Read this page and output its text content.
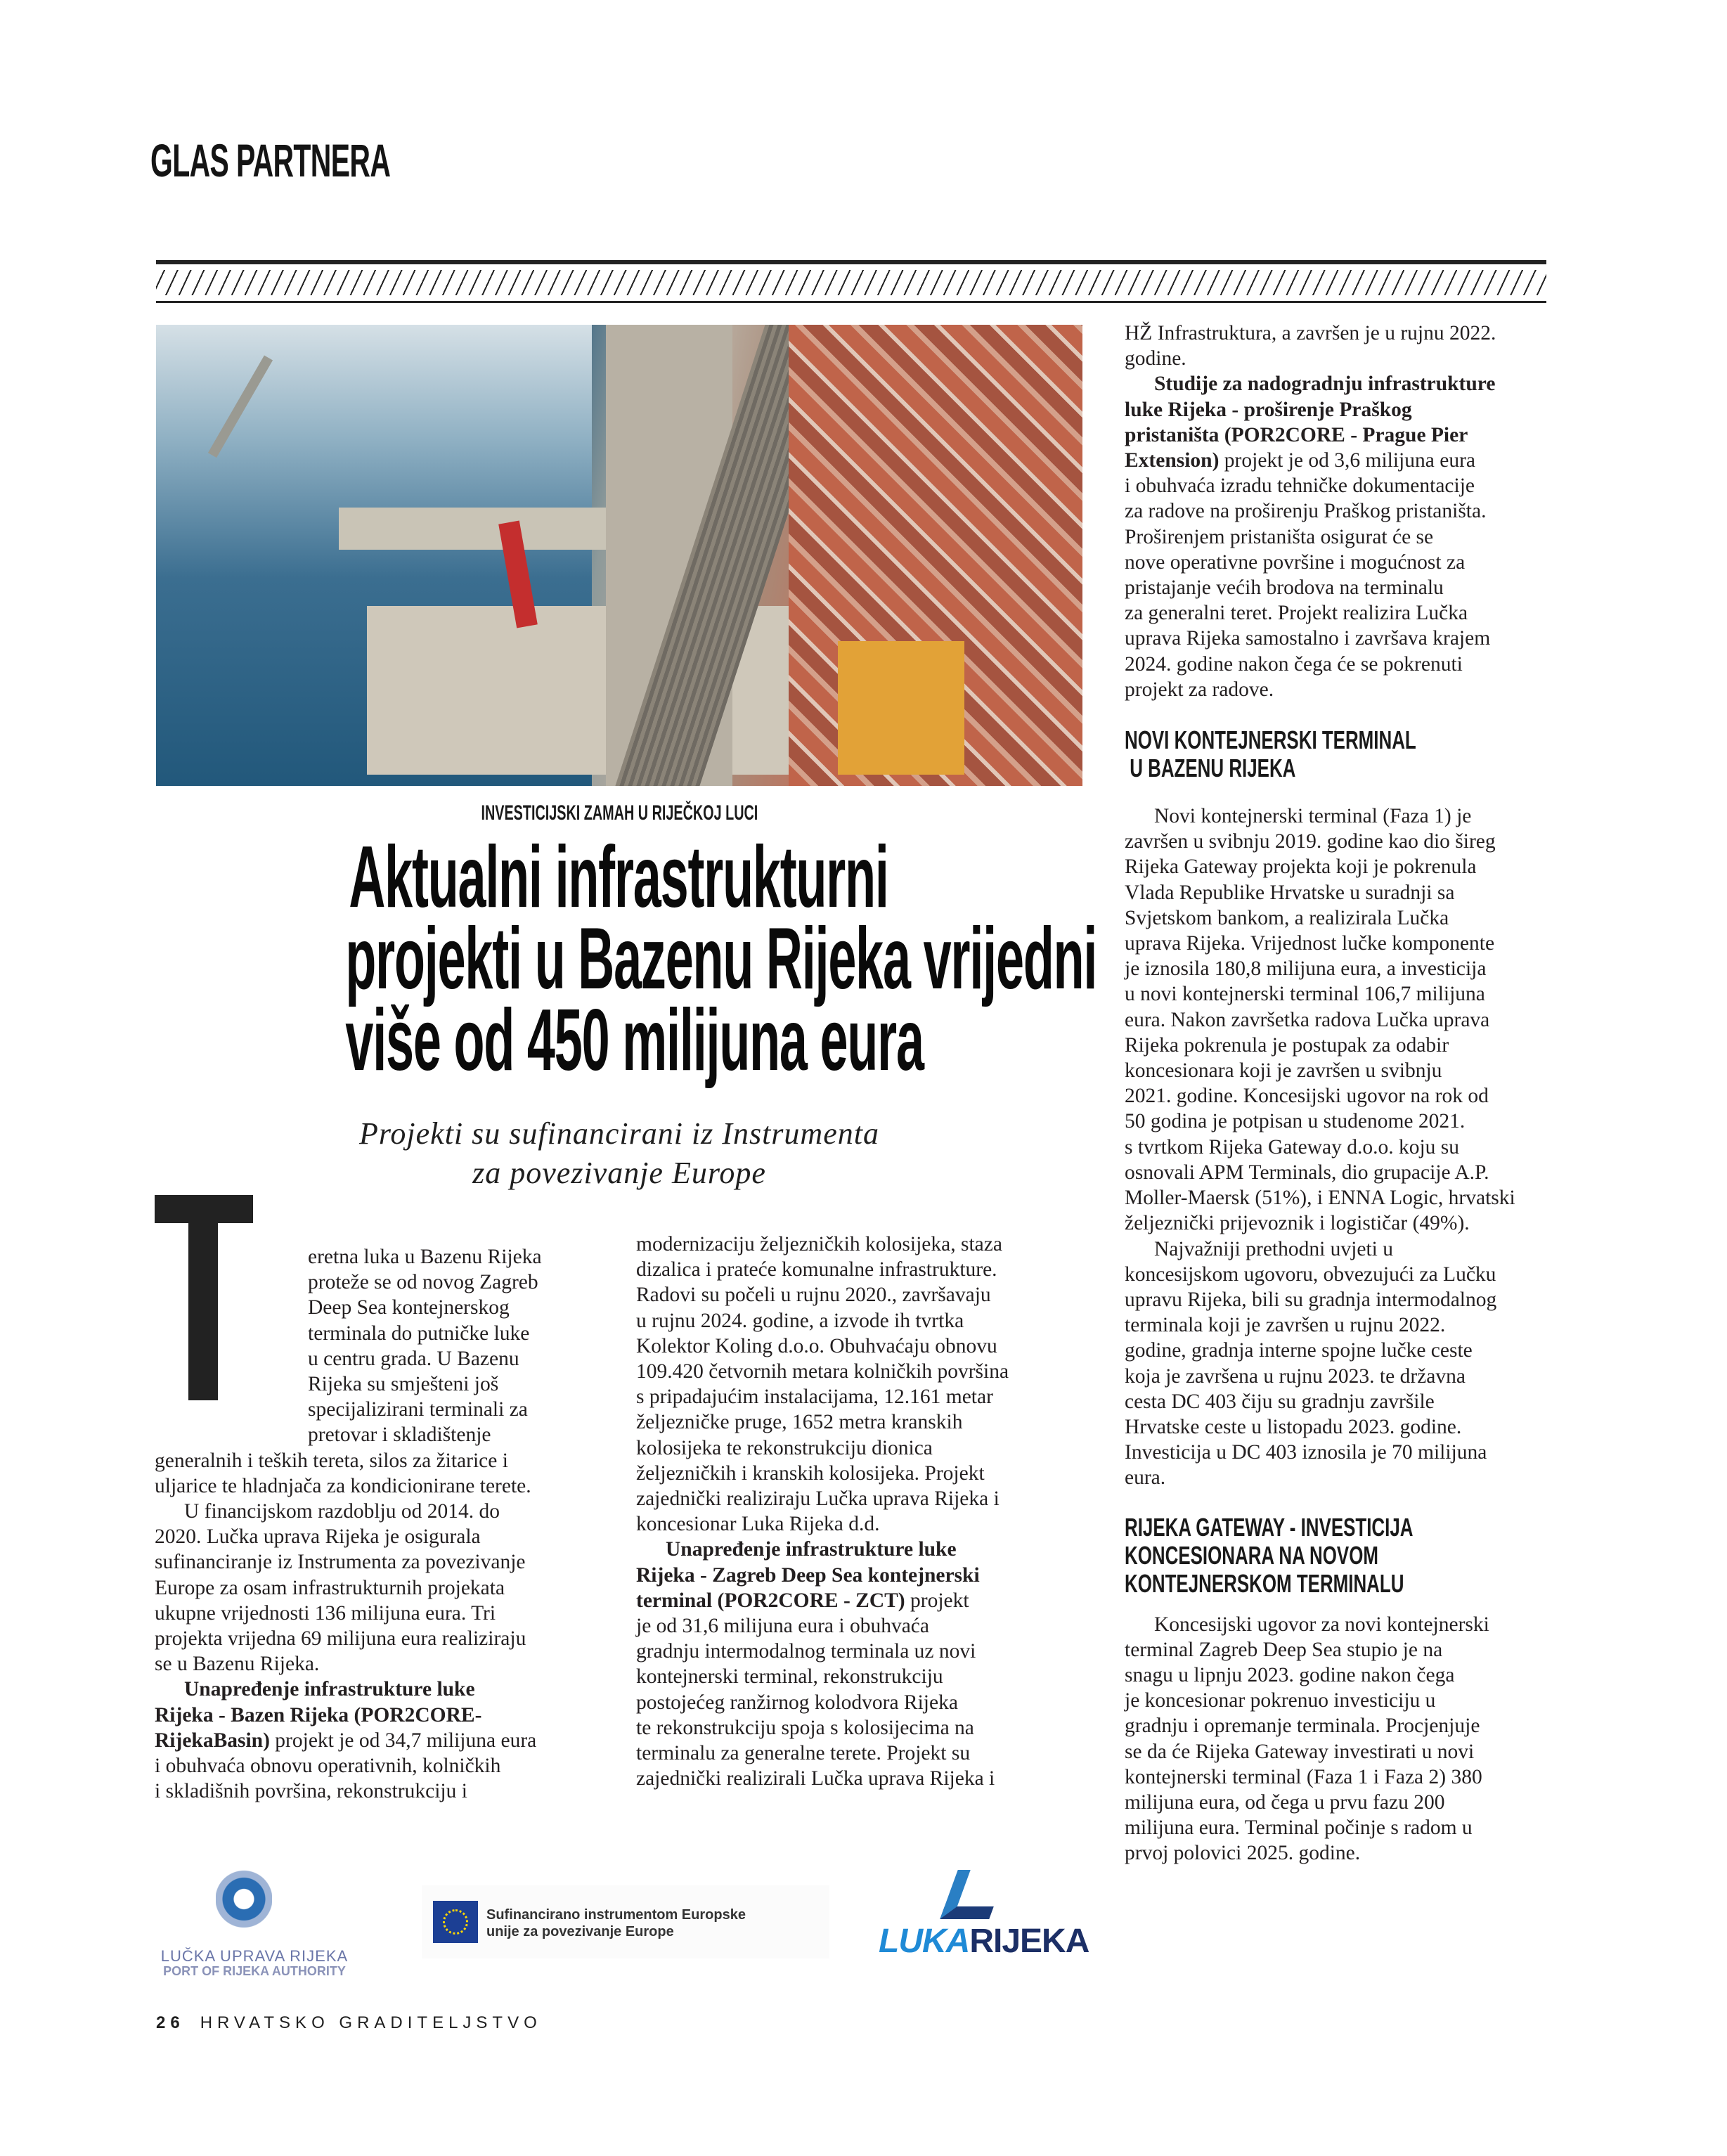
GLAS PARTNERA
INVESTICIJSKI ZAMAH U RIJEČKOJ LUCI
Aktualni infrastrukturni
projekti u Bazenu Rijeka vrijedni
više od 450 milijuna eura
Projekti su sufinancirani iz Instrumenta
za povezivanje Europe
eretna luka u Bazenu Rijeka
proteže se od novog Zagreb
Deep Sea kontejnerskog
terminala do putničke luke
u centru grada. U Bazenu
Rijeka su smješteni još
specijalizirani terminali za
pretovar i skladištenje
generalnih i teških tereta, silos za žitarice i
uljarice te hladnjača za kondicionirane terete.
U financijskom razdoblju od 2014. do
2020. Lučka uprava Rijeka je osigurala
sufinanciranje iz Instrumenta za povezivanje
Europe za osam infrastrukturnih projekata
ukupne vrijednosti 136 milijuna eura. Tri
projekta vrijedna 69 milijuna eura realiziraju
se u Bazenu Rijeka.
Unapređenje infrastrukture luke
Rijeka - Bazen Rijeka (POR2CORE-
RijekaBasin) projekt je od 34,7 milijuna eura
i obuhvaća obnovu operativnih, kolničkih
i skladišnih površina, rekonstrukciju i
modernizaciju željezničkih kolosijeka, staza
dizalica i prateće komunalne infrastrukture.
Radovi su počeli u rujnu 2020., završavaju
u rujnu 2024. godine, a izvode ih tvrtka
Kolektor Koling d.o.o. Obuhvaćaju obnovu
109.420 četvornih metara kolničkih površina
s pripadajućim instalacijama, 12.161 metar
željezničke pruge, 1652 metra kranskih
kolosijeka te rekonstrukciju dionica
željezničkih i kranskih kolosijeka. Projekt
zajednički realiziraju Lučka uprava Rijeka i
koncesionar Luka Rijeka d.d.
Unapređenje infrastrukture luke
Rijeka - Zagreb Deep Sea kontejnerski
terminal (POR2CORE - ZCT) projekt
je od 31,6 milijuna eura i obuhvaća
gradnju intermodalnog terminala uz novi
kontejnerski terminal, rekonstrukciju
postojećeg ranžirnog kolodvora Rijeka
te rekonstrukciju spoja s kolosijecima na
terminalu za generalne terete. Projekt su
zajednički realizirali Lučka uprava Rijeka i
HŽ Infrastruktura, a završen je u rujnu 2022.
godine.
Studije za nadogradnju infrastrukture
luke Rijeka - proširenje Praškog
pristaništa (POR2CORE - Prague Pier
Extension) projekt je od 3,6 milijuna eura
i obuhvaća izradu tehničke dokumentacije
za radove na proširenju Praškog pristaništa.
Proširenjem pristaništa osigurat će se
nove operativne površine i mogućnost za
pristajanje većih brodova na terminalu
za generalni teret. Projekt realizira Lučka
uprava Rijeka samostalno i završava krajem
2024. godine nakon čega će se pokrenuti
projekt za radove.
NOVI KONTEJNERSKI TERMINAL
U BAZENU RIJEKA
Novi kontejnerski terminal (Faza 1) je
završen u svibnju 2019. godine kao dio šireg
Rijeka Gateway projekta koji je pokrenula
Vlada Republike Hrvatske u suradnji sa
Svjetskom bankom, a realizirala Lučka
uprava Rijeka. Vrijednost lučke komponente
je iznosila 180,8 milijuna eura, a investicija
u novi kontejnerski terminal 106,7 milijuna
eura. Nakon završetka radova Lučka uprava
Rijeka pokrenula je postupak za odabir
koncesionara koji je završen u svibnju
2021. godine. Koncesijski ugovor na rok od
50 godina je potpisan u studenome 2021.
s tvrtkom Rijeka Gateway d.o.o. koju su
osnovali APM Terminals, dio grupacije A.P.
Moller-Maersk (51%), i ENNA Logic, hrvatski
željeznički prijevoznik i logističar (49%).
Najvažniji prethodni uvjeti u
koncesijskom ugovoru, obvezujući za Lučku
upravu Rijeka, bili su gradnja intermodalnog
terminala koji je završen u rujnu 2022.
godine, gradnja interne spojne lučke ceste
koja je završena u rujnu 2023. te državna
cesta DC 403 čiju su gradnju završile
Hrvatske ceste u listopadu 2023. godine.
Investicija u DC 403 iznosila je 70 milijuna
eura.
RIJEKA GATEWAY - INVESTICIJA
KONCESIONARA NA NOVOM
KONTEJNERSKOM TERMINALU
Koncesijski ugovor za novi kontejnerski
terminal Zagreb Deep Sea stupio je na
snagu u lipnju 2023. godine nakon čega
je koncesionar pokrenuo investiciju u
gradnju i opremanje terminala. Procjenjuje
se da će Rijeka Gateway investirati u novi
kontejnerski terminal (Faza 1 i Faza 2) 380
milijuna eura, od čega u prvu fazu 200
milijuna eura. Terminal počinje s radom u
prvoj polovici 2025. godine.
LUČKA UPRAVA RIJEKA
PORT OF RIJEKA AUTHORITY
Sufinancirano instrumentom Europske
unije za povezivanje Europe	LUKARIJEKA
26 HRVATSKO GRADITELJSTVO
